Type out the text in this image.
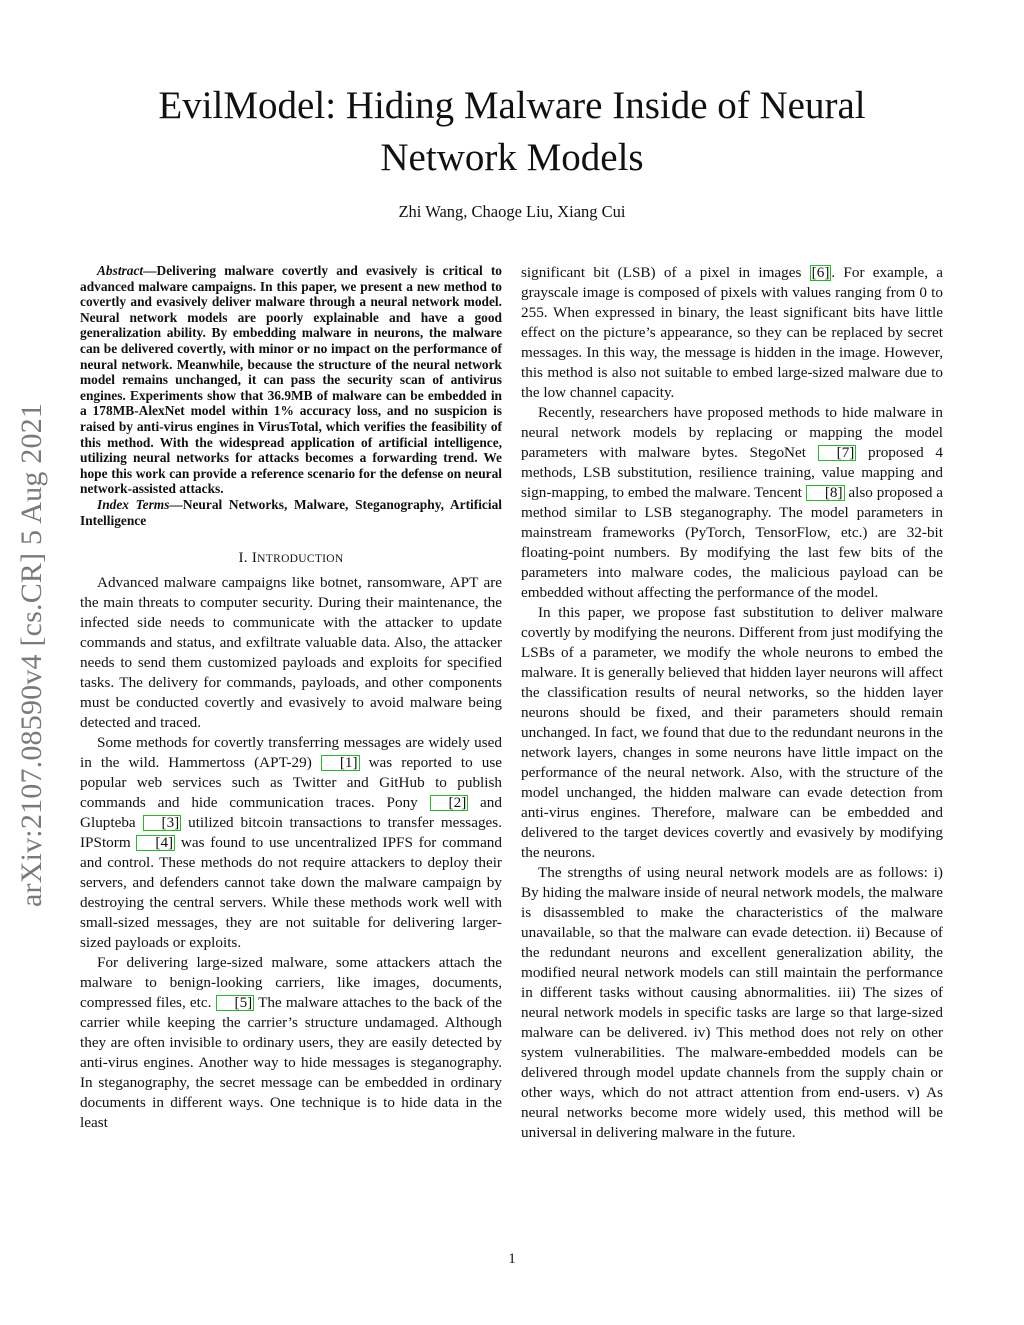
arXiv:2107.08590v4 [cs.CR] 5 Aug 2021
EvilModel: Hiding Malware Inside of Neural
Network Models
Zhi Wang, Chaoge Liu, Xiang Cui

Abstract—Delivering malware covertly and evasively is critical to advanced malware campaigns. In this paper, we present a new method to covertly and evasively deliver malware through a neural network model. Neural network models are poorly explainable and have a good generalization ability. By embedding malware in neurons, the malware can be delivered covertly, with minor or no impact on the performance of neural network. Meanwhile, because the structure of the neural network model remains unchanged, it can pass the security scan of antivirus engines. Experiments show that 36.9MB of malware can be embedded in a 178MB-AlexNet model within 1% accuracy loss, and no suspicion is raised by anti-virus engines in VirusTotal, which verifies the feasibility of this method. With the widespread application of artificial intelligence, utilizing neural networks for attacks becomes a forwarding trend. We hope this work can provide a reference scenario for the defense on neural network-assisted attacks.

Index Terms—Neural Networks, Malware, Steganography, Artificial Intelligence

I. INTRODUCTION

Advanced malware campaigns like botnet, ransomware, APT are the main threats to computer security. During their maintenance, the infected side needs to communicate with the attacker to update commands and status, and exfiltrate valuable data. Also, the attacker needs to send them customized payloads and exploits for specified tasks. The delivery for commands, payloads, and other components must be conducted covertly and evasively to avoid malware being detected and traced.

Some methods for covertly transferring messages are widely used in the wild. Hammertoss (APT-29) [1] was reported to use popular web services such as Twitter and GitHub to publish commands and hide communication traces. Pony [2] and Glupteba [3] utilized bitcoin transactions to transfer messages. IPStorm [4] was found to use uncentralized IPFS for command and control. These methods do not require attackers to deploy their servers, and defenders cannot take down the malware campaign by destroying the central servers. While these methods work well with small-sized messages, they are not suitable for delivering larger-sized payloads or exploits.

For delivering large-sized malware, some attackers attach the malware to benign-looking carriers, like images, documents, compressed files, etc. [5] The malware attaches to the back of the carrier while keeping the carrier’s structure undamaged. Although they are often invisible to ordinary users, they are easily detected by anti-virus engines. Another way to hide messages is steganography. In steganography, the secret message can be embedded in ordinary documents in different ways. One technique is to hide data in the least

significant bit (LSB) of a pixel in images [6] . For example, a grayscale image is composed of pixels with values ranging from 0 to 255. When expressed in binary, the least significant bits have little effect on the picture’s appearance, so they can be replaced by secret messages. In this way, the message is hidden in the image. However, this method is also not suitable to embed large-sized malware due to the low channel capacity.

Recently, researchers have proposed methods to hide malware in neural network models by replacing or mapping the model parameters with malware bytes. StegoNet [7] proposed 4 methods, LSB substitution, resilience training, value mapping and sign-mapping, to embed the malware. Tencent [8] also proposed a method similar to LSB steganography. The model parameters in mainstream frameworks (PyTorch, TensorFlow, etc.) are 32-bit floating-point numbers. By modifying the last few bits of the parameters into malware codes, the malicious payload can be embedded without affecting the performance of the model.

In this paper, we propose fast substitution to deliver malware covertly by modifying the neurons. Different from just modifying the LSBs of a parameter, we modify the whole neurons to embed the malware. It is generally believed that hidden layer neurons will affect the classification results of neural networks, so the hidden layer neurons should be fixed, and their parameters should remain unchanged. In fact, we found that due to the redundant neurons in the network layers, changes in some neurons have little impact on the performance of the neural network. Also, with the structure of the model unchanged, the hidden malware can evade detection from anti-virus engines. Therefore, malware can be embedded and delivered to the target devices covertly and evasively by modifying the neurons.

The strengths of using neural network models are as follows: i) By hiding the malware inside of neural network models, the malware is disassembled to make the characteristics of the malware unavailable, so that the malware can evade detection. ii) Because of the redundant neurons and excellent generalization ability, the modified neural network models can still maintain the performance in different tasks without causing abnormalities. iii) The sizes of neural network models in specific tasks are large so that large-sized malware can be delivered. iv) This method does not rely on other system vulnerabilities. The malware-embedded models can be delivered through model update channels from the supply chain or other ways, which do not attract attention from end-users. v) As neural networks become more widely used, this method will be universal in delivering malware in the future.

1
